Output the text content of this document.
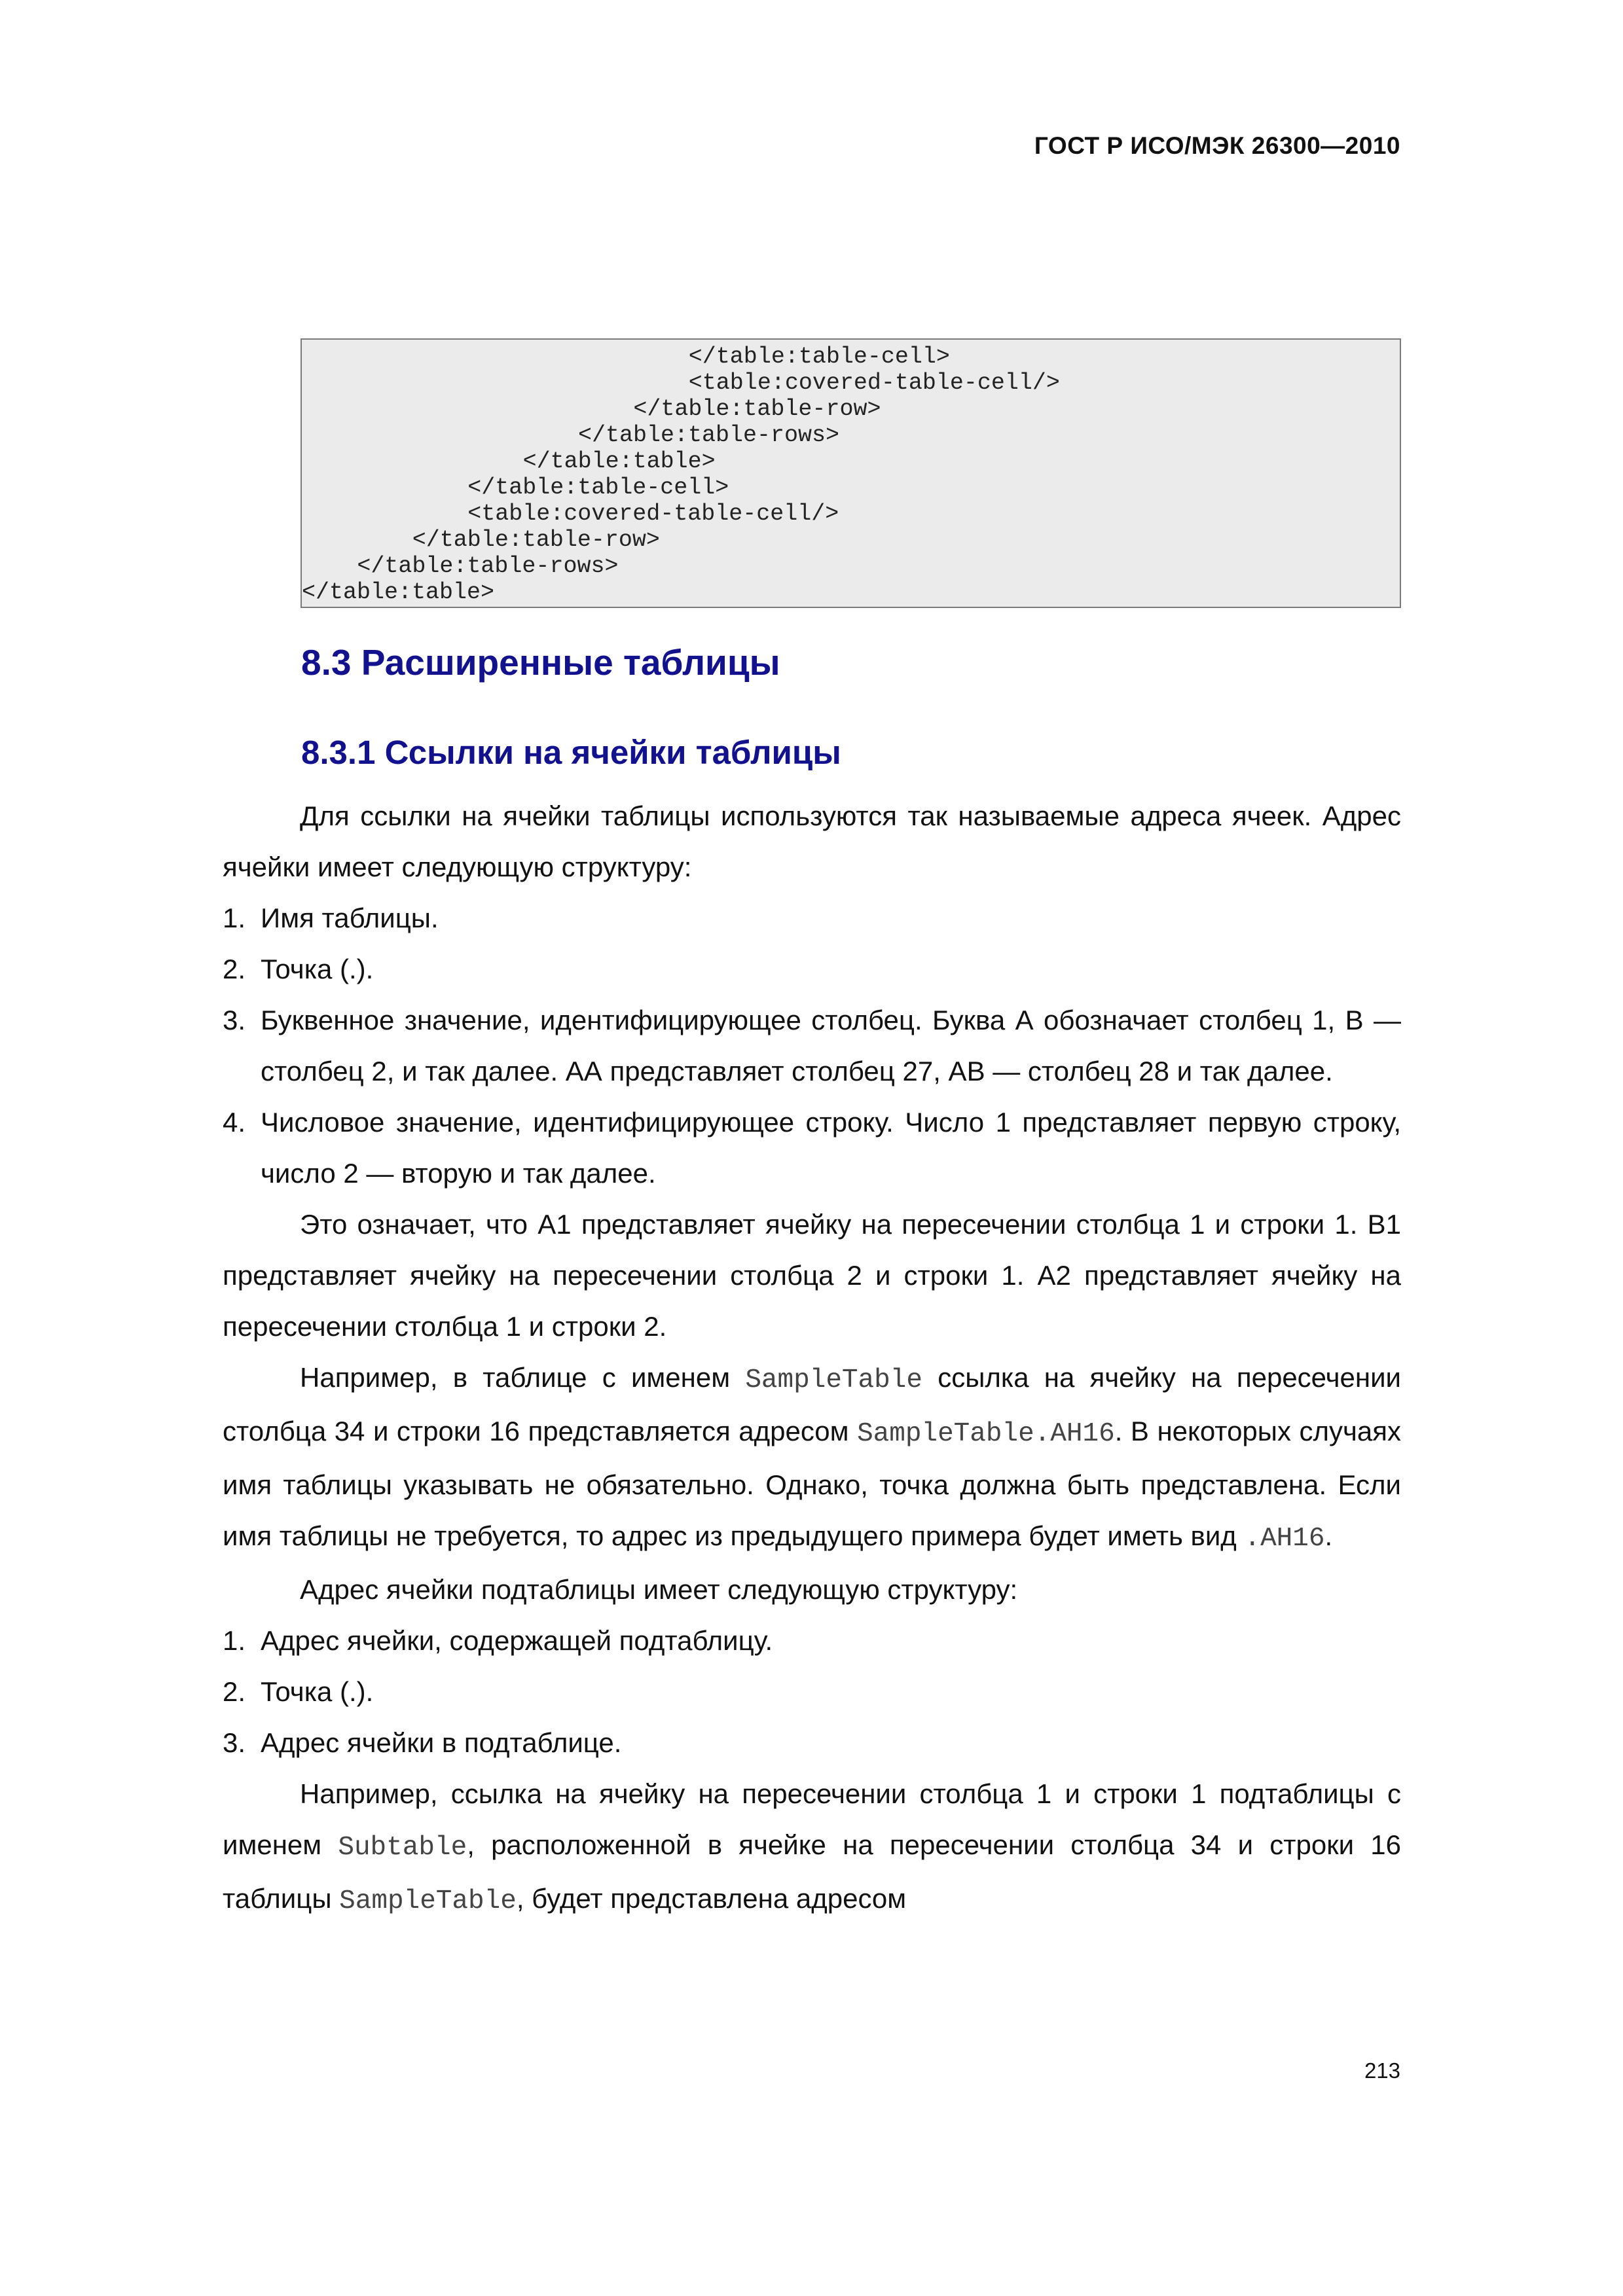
ГОСТ Р ИСО/МЭК 26300—2010
</table:table-cell>
<table:covered-table-cell/>
</table:table-row>
</table:table-rows>
</table:table>
</table:table-cell>
<table:covered-table-cell/>
</table:table-row>
</table:table-rows>
</table:table>
8.3 Расширенные таблицы
8.3.1 Ссылки на ячейки таблицы

Для ссылки на ячейки таблицы используются так называемые адреса ячеек. Адрес ячейки имеет следующую структуру:

1. Имя таблицы.
2. Точка (.).
3. Буквенное значение, идентифицирующее столбец. Буква А обозначает столбец 1, В — столбец 2, и так далее. АА представляет столбец 27, АВ — столбец 28 и так далее.
4. Числовое значение, идентифицирующее строку. Число 1 представляет первую строку, число 2 — вторую и так далее.

Это означает, что А1 представляет ячейку на пересечении столбца 1 и строки 1. В1 представляет ячейку на пересечении столбца 2 и строки 1. А2 представляет ячейку на пересечении столбца 1 и строки 2.

Например, в таблице с именем SampleTable ссылка на ячейку на пересечении столбца 34 и строки 16 представляется адресом SampleTable.AH16. В некоторых случаях имя таблицы указывать не обязательно. Однако, точка должна быть представлена. Если имя таблицы не требуется, то адрес из предыдущего примера будет иметь вид .AH16.

Адрес ячейки подтаблицы имеет следующую структуру:

1. Адрес ячейки, содержащей подтаблицу.
2. Точка (.).
3. Адрес ячейки в подтаблице.

Например, ссылка на ячейку на пересечении столбца 1 и строки 1 подтаблицы с именем Subtable, расположенной в ячейке на пересечении столбца 34 и строки 16 таблицы SampleTable, будет представлена адресом

213
